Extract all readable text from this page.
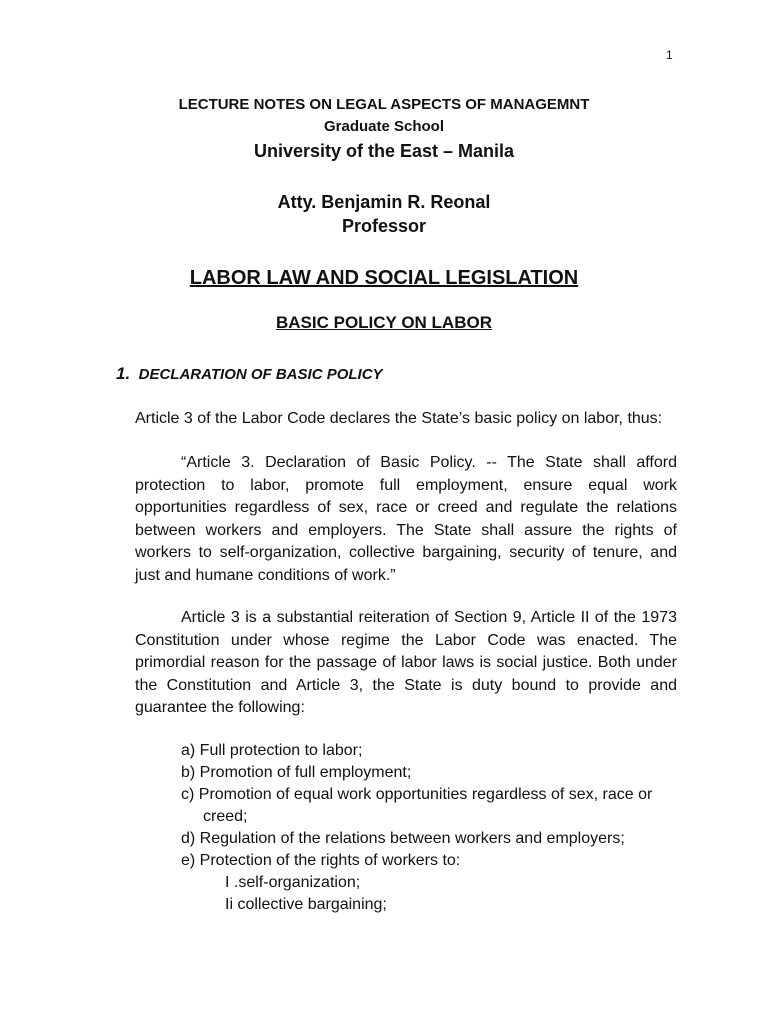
1
LECTURE NOTES ON LEGAL ASPECTS OF MANAGEMNT
Graduate School
University of the East – Manila
Atty. Benjamin R. Reonal
Professor
LABOR LAW AND SOCIAL LEGISLATION
BASIC POLICY ON LABOR
1. DECLARATION OF BASIC POLICY
Article 3 of the Labor Code declares the State’s basic policy on labor, thus:
“Article 3. Declaration of Basic Policy. -- The State shall afford protection to labor, promote full employment, ensure equal work opportunities regardless of sex, race or creed and regulate the relations between workers and employers. The State shall assure the rights of workers to self-organization, collective bargaining, security of tenure, and just and humane conditions of work.”
Article 3 is a substantial reiteration of Section 9, Article II of the 1973 Constitution under whose regime the Labor Code was enacted. The primordial reason for the passage of labor laws is social justice. Both under the Constitution and Article 3, the State is duty bound to provide and guarantee the following:
a) Full protection to labor;
b) Promotion of full employment;
c) Promotion of equal work opportunities regardless of sex, race or
creed;
d) Regulation of the relations between workers and employers;
e) Protection of the rights of workers to:
I .self-organization;
Ii collective bargaining;
